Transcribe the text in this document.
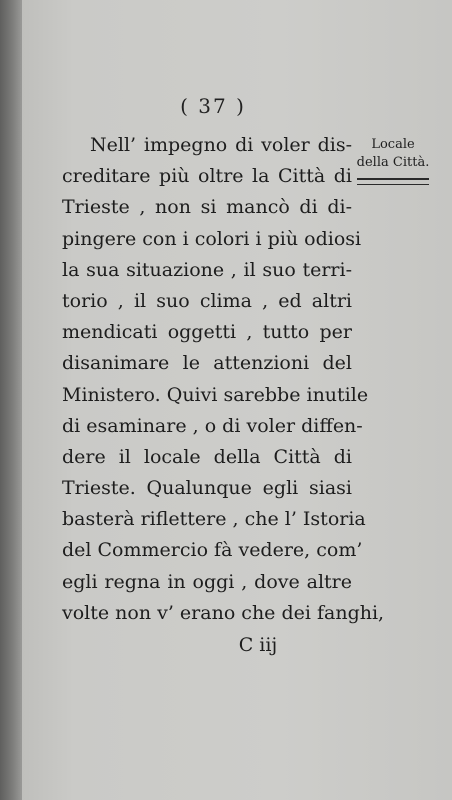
( 37 )
Nell’ impegno di voler dis-
creditare più oltre la Città di
Trieste , non si mancò di di-
pingere con i colori i più odiosi
la sua situazione , il suo terri-
torio , il suo clima , ed altri
mendicati oggetti , tutto per
disanimare le attenzioni del
Ministero. Quivi sarebbe inutile
di esaminare , o di voler diffen-
dere il locale della Città di
Trieste. Qualunque egli siasi
basterà riflettere , che l’ Istoria
del Commercio fà vedere, com’
egli regna in oggi , dove altre
volte non v’ erano che dei fanghi,
Locale
della Città.
C iij
